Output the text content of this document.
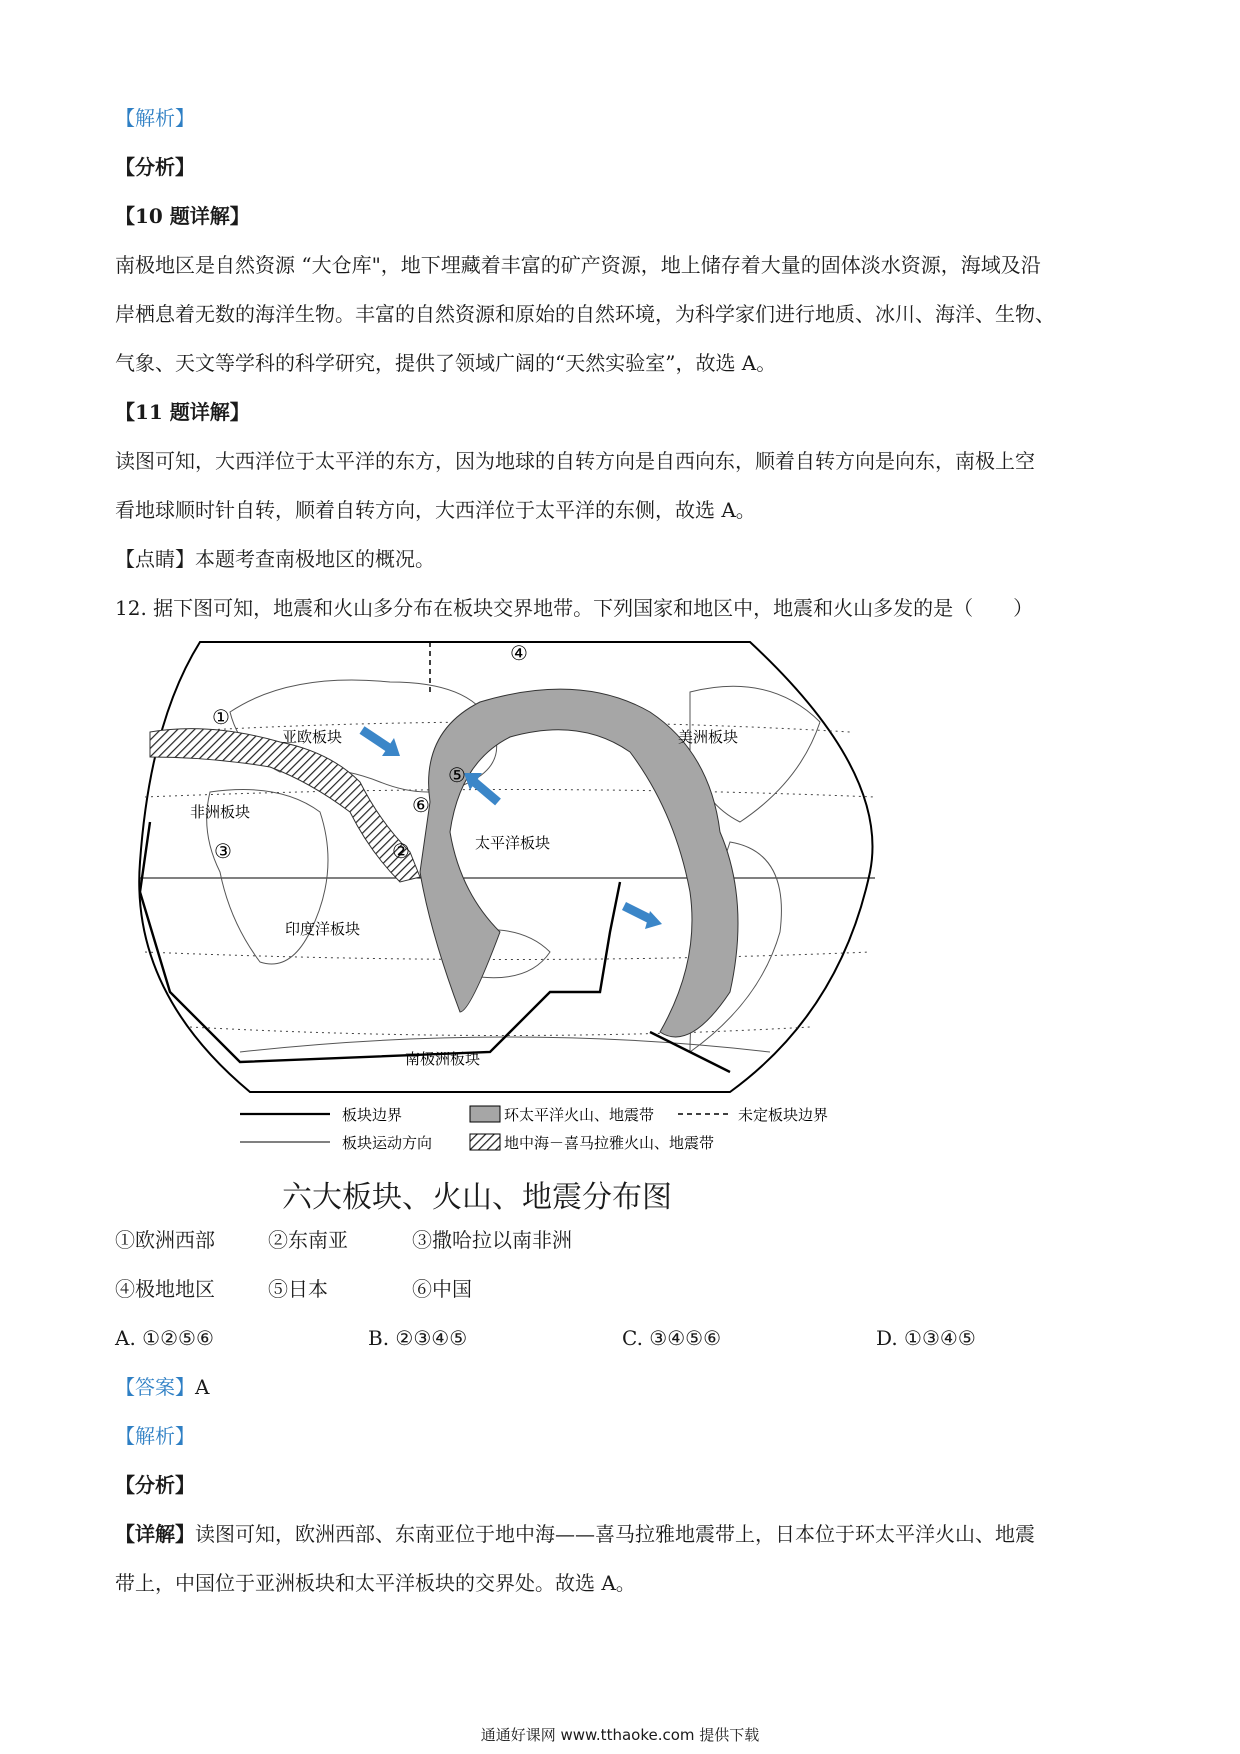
【解析】
【分析】
【10 题详解】
南极地区是自然资源 “大仓库"，地下埋藏着丰富的矿产资源，地上储存着大量的固体淡水资源，海域及沿
岸栖息着无数的海洋生物。丰富的自然资源和原始的自然环境，为科学家们进行地质、冰川、海洋、生物、
气象、天文等学科的科学研究，提供了领域广阔的“天然实验室”，故选 A。
【11 题详解】
读图可知，大西洋位于太平洋的东方，因为地球的自转方向是自西向东，顺着自转方向是向东，南极上空
看地球顺时针自转，顺着自转方向，大西洋位于太平洋的东侧，故选 A。
【点睛】本题考查南极地区的概况。
12. 据下图可知，地震和火山多分布在板块交界地带。下列国家和地区中，地震和火山多发的是（　　）
亚欧板块
太平洋板块
印度洋板块
南极洲板块
非洲板块
美洲板块
①
②
③
④
⑤
⑥
板块边界	环太平洋火山、地震带	未定板块边界
板块运动方向	地中海－喜马拉雅火山、地震带
六大板块、火山、地震分布图
①欧洲西部	②东南亚	③撒哈拉以南非洲
④极地地区	⑤日本	⑥中国
A. ①②⑤⑥	B. ②③④⑤	C. ③④⑤⑥	D. ①③④⑤
【答案】A
【解析】
【分析】
【详解】读图可知，欧洲西部、东南亚位于地中海——喜马拉雅地震带上，日本位于环太平洋火山、地震
带上，中国位于亚洲板块和太平洋板块的交界处。故选 A。
通通好课网 www.tthaoke.com 提供下载
